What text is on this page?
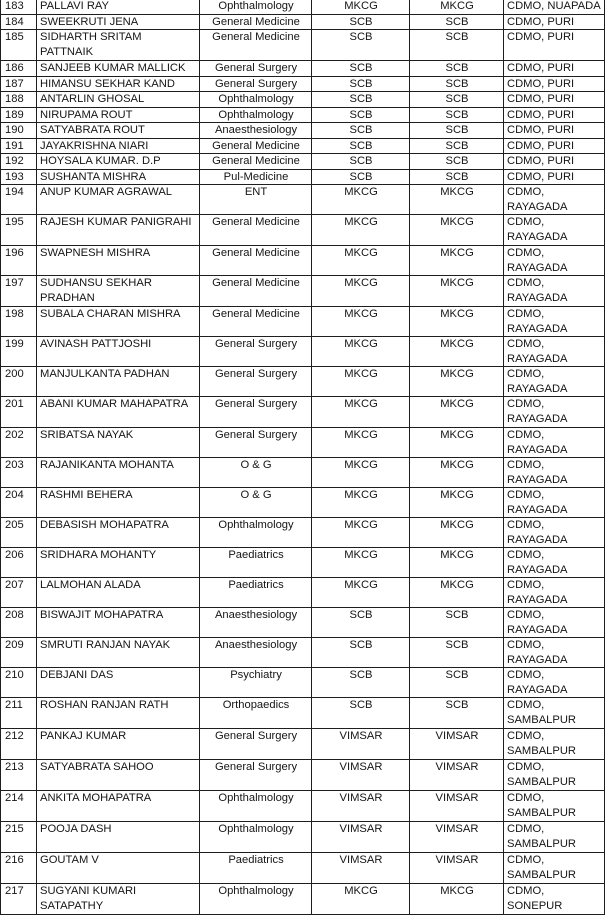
183	PALLAVI RAY	Ophthalmology	MKCG	MKCG	CDMO, NUAPADA
184	SWEEKRUTI JENA	General Medicine	SCB	SCB	CDMO, PURI
185	SIDHARTH SRITAM PATTNAIK	General Medicine	SCB	SCB	CDMO, PURI
186	SANJEEB KUMAR MALLICK	General Surgery	SCB	SCB	CDMO, PURI
187	HIMANSU SEKHAR KAND	General Surgery	SCB	SCB	CDMO, PURI
188	ANTARLIN GHOSAL	Ophthalmology	SCB	SCB	CDMO, PURI
189	NIRUPAMA ROUT	Ophthalmology	SCB	SCB	CDMO, PURI
190	SATYABRATA ROUT	Anaesthesiology	SCB	SCB	CDMO, PURI
191	JAYAKRISHNA NIARI	General Medicine	SCB	SCB	CDMO, PURI
192	HOYSALA KUMAR. D.P	General Medicine	SCB	SCB	CDMO, PURI
193	SUSHANTA MISHRA	Pul-Medicine	SCB	SCB	CDMO, PURI
194	ANUP KUMAR AGRAWAL	ENT	MKCG	MKCG	CDMO, RAYAGADA
195	RAJESH KUMAR PANIGRAHI	General Medicine	MKCG	MKCG	CDMO, RAYAGADA
196	SWAPNESH MISHRA	General Medicine	MKCG	MKCG	CDMO, RAYAGADA
197	SUDHANSU SEKHAR PRADHAN	General Medicine	MKCG	MKCG	CDMO, RAYAGADA
198	SUBALA CHARAN MISHRA	General Medicine	MKCG	MKCG	CDMO, RAYAGADA
199	AVINASH PATTJOSHI	General Surgery	MKCG	MKCG	CDMO, RAYAGADA
200	MANJULKANTA PADHAN	General Surgery	MKCG	MKCG	CDMO, RAYAGADA
201	ABANI KUMAR MAHAPATRA	General Surgery	MKCG	MKCG	CDMO, RAYAGADA
202	SRIBATSA NAYAK	General Surgery	MKCG	MKCG	CDMO, RAYAGADA
203	RAJANIKANTA MOHANTA	O & G	MKCG	MKCG	CDMO, RAYAGADA
204	RASHMI BEHERA	O & G	MKCG	MKCG	CDMO, RAYAGADA
205	DEBASISH MOHAPATRA	Ophthalmology	MKCG	MKCG	CDMO, RAYAGADA
206	SRIDHARA MOHANTY	Paediatrics	MKCG	MKCG	CDMO, RAYAGADA
207	LALMOHAN ALADA	Paediatrics	MKCG	MKCG	CDMO, RAYAGADA
208	BISWAJIT MOHAPATRA	Anaesthesiology	SCB	SCB	CDMO, RAYAGADA
209	SMRUTI RANJAN NAYAK	Anaesthesiology	SCB	SCB	CDMO, RAYAGADA
210	DEBJANI DAS	Psychiatry	SCB	SCB	CDMO, RAYAGADA
211	ROSHAN RANJAN RATH	Orthopaedics	SCB	SCB	CDMO, SAMBALPUR
212	PANKAJ KUMAR	General Surgery	VIMSAR	VIMSAR	CDMO, SAMBALPUR
213	SATYABRATA SAHOO	General Surgery	VIMSAR	VIMSAR	CDMO, SAMBALPUR
214	ANKITA MOHAPATRA	Ophthalmology	VIMSAR	VIMSAR	CDMO, SAMBALPUR
215	POOJA DASH	Ophthalmology	VIMSAR	VIMSAR	CDMO, SAMBALPUR
216	GOUTAM V	Paediatrics	VIMSAR	VIMSAR	CDMO, SAMBALPUR
217	SUGYANI KUMARI SATAPATHY	Ophthalmology	MKCG	MKCG	CDMO, SONEPUR
